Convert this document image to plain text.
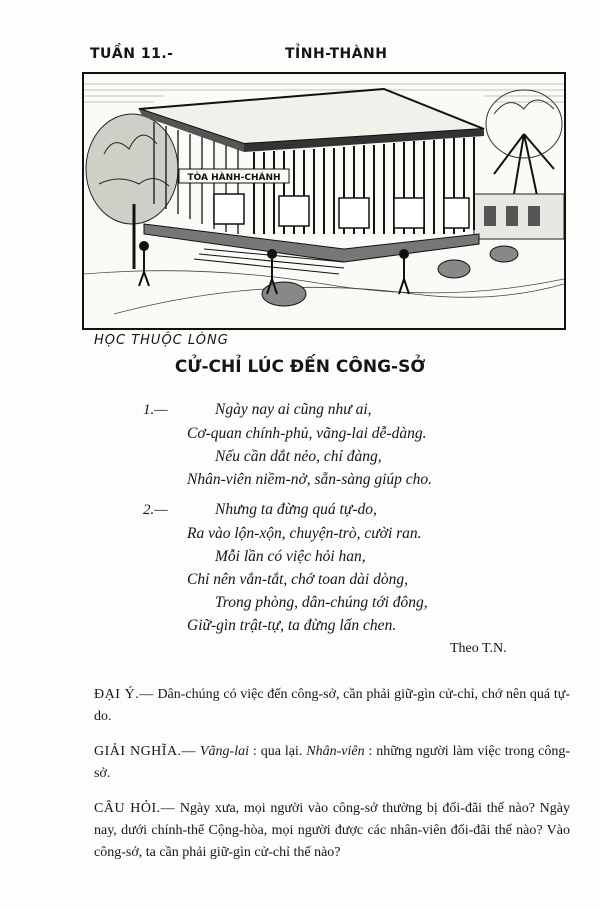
TUẦN 11.-	TỈNH-THÀNH
TÒA HÀNH-CHÁNH
HỌC THUỘC LÒNG
CỬ-CHỈ LÚC ĐẾN CÔNG-SỞ
1.—	Ngày nay ai cũng như ai,
Cơ-quan chính-phủ, vãng-lai dễ-dàng.
Nếu cần dắt nẻo, chỉ đàng,
Nhân-viên niềm-nở, sẵn-sàng giúp cho.
2.—	Nhưng ta đừng quá tự-do,
Ra vào lộn-xộn, chuyện-trò, cười ran.
Mỗi lần có việc hỏi han,
Chỉ nên vắn-tắt, chớ toan dài dòng,
Trong phòng, dân-chúng tới đông,
Giữ-gìn trật-tự, ta đừng lấn chen.
Theo T.N.
ĐẠI Ý.— Dân-chúng có việc đến công-sở, cần phải giữ-gìn cử-chỉ, chớ nên quá tự-do.
GIẢI NGHĨA.— Vãng-lai : qua lại. Nhân-viên : những người làm việc trong công-sở.
CÂU HỎI.— Ngày xưa, mọi người vào công-sở thường bị đối-đãi thế nào? Ngày nay, dưới chính-thể Cộng-hòa, mọi người được các nhân-viên đối-đãi thế nào? Vào công-sở, ta cần phải giữ-gìn cử-chỉ thế nào?
